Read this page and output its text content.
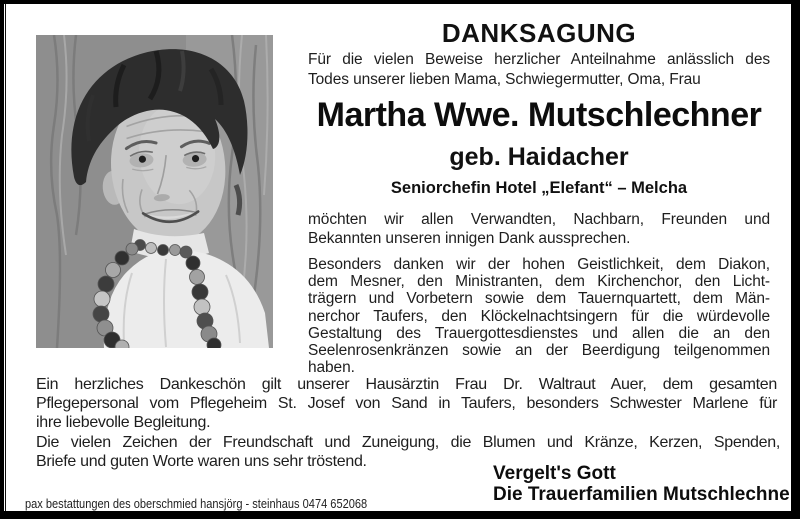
DANKSAGUNG
Für die vielen Beweise herzlicher Anteilnahme anlässlich des
Todes unserer lieben Mama, Schwiegermutter, Oma, Frau
Martha Wwe. Mutschlechner
geb. Haidacher
Seniorchefin Hotel „Elefant“ – Melcha
möchten wir allen Verwandten, Nachbarn, Freunden und
Bekannten unseren innigen Dank aussprechen.
Besonders danken wir der hohen Geistlichkeit, dem Diakon,
dem Mesner, den Ministranten, dem Kirchenchor, den Licht-
trägern und Vorbetern sowie dem Tauernquartett, dem Män-
nerchor Taufers, den Klöckelnachtsingern für die würdevolle
Gestaltung des Trauergottesdienstes und allen die an den
Seelenrosenkränzen sowie an der Beerdigung teilgenommen
haben.
Ein herzliches Dankeschön gilt unserer Hausärztin Frau Dr. Waltraut Auer, dem gesamten
Pflegepersonal vom Pflegeheim St. Josef von Sand in Taufers, besonders Schwester Marlene für
ihre liebevolle Begleitung.
Die vielen Zeichen der Freundschaft und Zuneigung, die Blumen und Kränze, Kerzen, Spenden,
Briefe und guten Worte waren uns sehr tröstend.
Vergelt's Gott
Die Trauerfamilien Mutschlechner
pax bestattungen des oberschmied hansjörg - steinhaus 0474 652068
